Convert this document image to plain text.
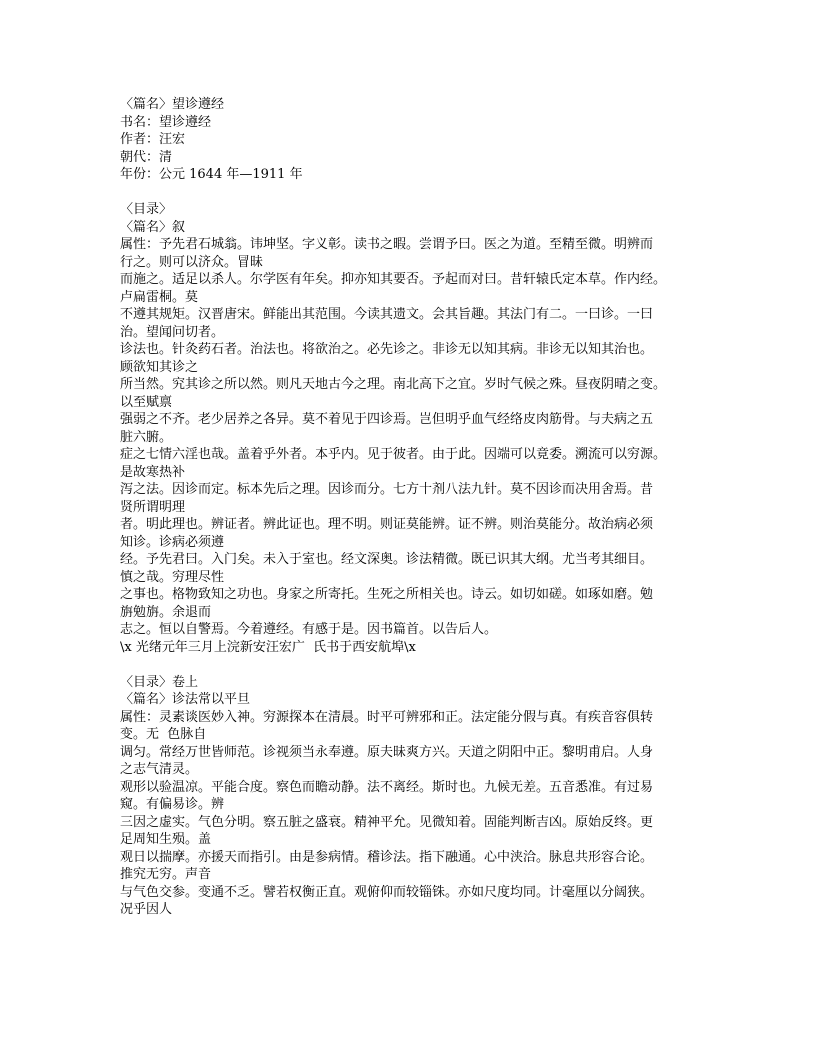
〈篇名〉望诊遵经

书名：望诊遵经

作者：汪宏

朝代：清

年份：公元 1644 年—1911 年

〈目录〉

〈篇名〉叙

属性：予先君石城翁。讳坤坚。字义彰。读书之暇。尝谓予曰。医之为道。至精至微。明辨而

行之。则可以济众。冒昧

而施之。适足以杀人。尔学医有年矣。抑亦知其要否。予起而对曰。昔轩辕氏定本草。作内经。

卢扁雷桐。莫

不遵其规矩。汉晋唐宋。鲜能出其范围。今读其遗文。会其旨趣。其法门有二。一曰诊。一曰

治。望闻问切者。

诊法也。针灸药石者。治法也。将欲治之。必先诊之。非诊无以知其病。非诊无以知其治也。

顾欲知其诊之

所当然。究其诊之所以然。则凡天地古今之理。南北高下之宜。岁时气候之殊。昼夜阴晴之变。

以至赋禀

强弱之不齐。老少居养之各异。莫不着见于四诊焉。岂但明乎血气经络皮肉筋骨。与夫病之五

脏六腑。

症之七情六淫也哉。盖着乎外者。本乎内。见于彼者。由于此。因端可以竟委。溯流可以穷源。

是故寒热补

泻之法。因诊而定。标本先后之理。因诊而分。七方十剂八法九针。莫不因诊而决用舍焉。昔

贤所谓明理

者。明此理也。辨证者。辨此证也。理不明。则证莫能辨。证不辨。则治莫能分。故治病必须

知诊。诊病必须遵

经。予先君曰。入门矣。未入于室也。经文深奥。诊法精微。既已识其大纲。尤当考其细目。

慎之哉。穷理尽性

之事也。格物致知之功也。身家之所寄托。生死之所相关也。诗云。如切如磋。如琢如磨。勉

旃勉旃。余退而

志之。恒以自警焉。今着遵经。有感于是。因书篇首。以告后人。

\x 光绪元年三月上浣新安汪宏广  氏书于西安航埠\x

〈目录〉卷上

〈篇名〉诊法常以平旦

属性：灵素谈医妙入神。穷源探本在清晨。时平可辨邪和正。法定能分假与真。有疾音容俱转

变。无  色脉自

调匀。常经万世皆师范。诊视须当永奉遵。原夫昧爽方兴。天道之阴阳中正。黎明甫启。人身

之志气清灵。

观形以验温凉。平能合度。察色而瞻动静。法不离经。斯时也。九候无差。五音悉准。有过易

窥。有偏易诊。辨

三因之虚实。气色分明。察五脏之盛衰。精神平允。见微知着。固能判断吉凶。原始反终。更

足周知生殒。盖

观日以揣摩。亦援天而指引。由是参病情。稽诊法。指下融通。心中浃洽。脉息共形容合论。

推究无穷。声音

与气色交参。变通不乏。譬若权衡正直。观俯仰而较锱铢。亦如尺度均同。计毫厘以分阔狭。

况乎因人
